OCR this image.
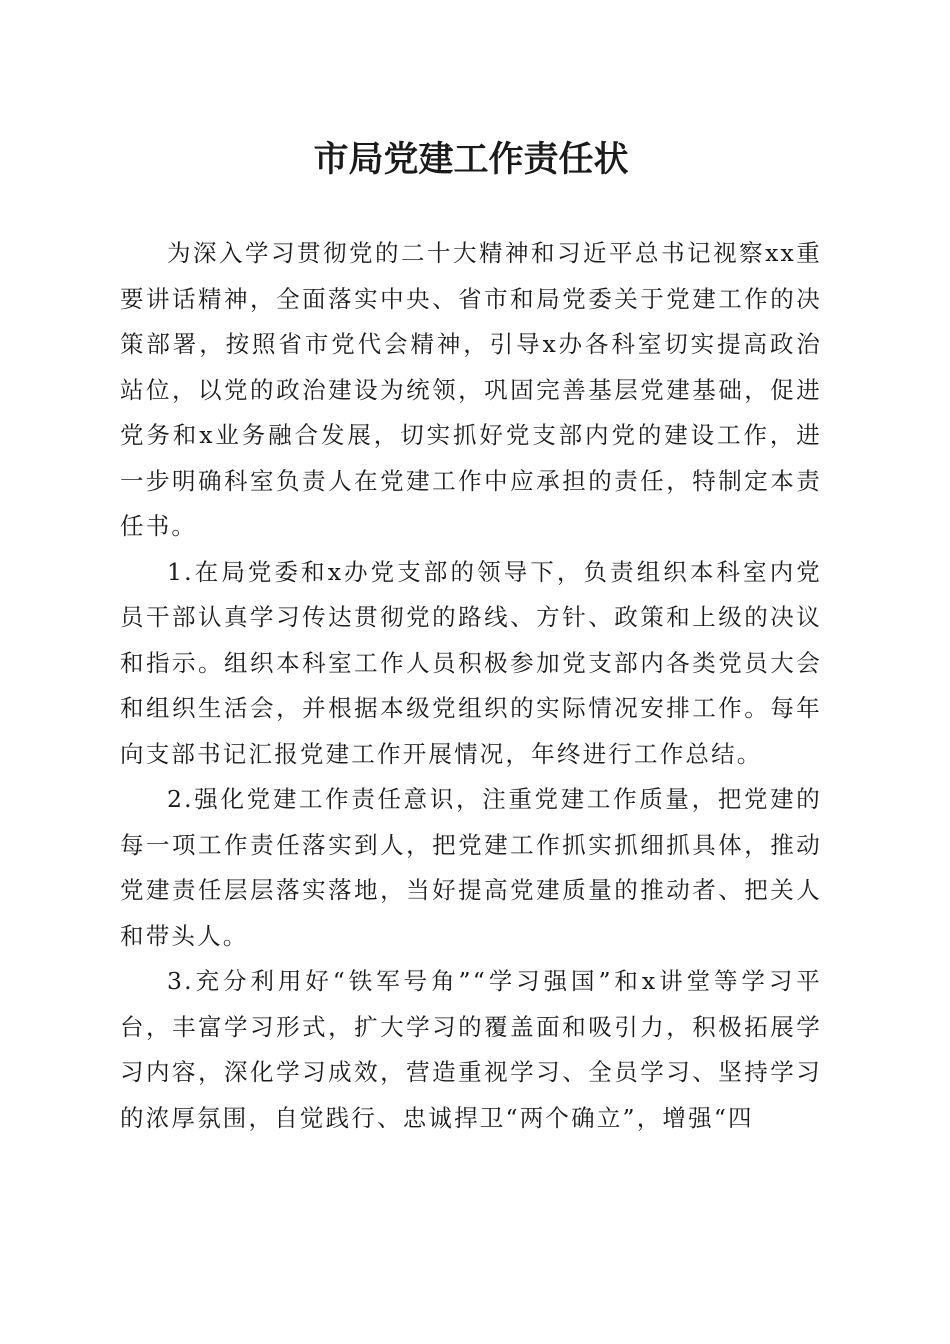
市局党建工作责任状

为深入学习贯彻党的二十大精神和习近平总书记视察xx重要讲话精神，全面落实中央、省市和局党委关于党建工作的决策部署，按照省市党代会精神，引导x办各科室切实提高政治站位，以党的政治建设为统领，巩固完善基层党建基础，促进党务和x业务融合发展，切实抓好党支部内党的建设工作，进一步明确科室负责人在党建工作中应承担的责任，特制定本责任书。

1.在局党委和x办党支部的领导下，负责组织本科室内党员干部认真学习传达贯彻党的路线、方针、政策和上级的决议和指示。组织本科室工作人员积极参加党支部内各类党员大会和组织生活会，并根据本级党组织的实际情况安排工作。每年向支部书记汇报党建工作开展情况，年终进行工作总结。

2.强化党建工作责任意识，注重党建工作质量，把党建的每一项工作责任落实到人，把党建工作抓实抓细抓具体，推动党建责任层层落实落地，当好提高党建质量的推动者、把关人和带头人。

3.充分利用好“铁军号角”“学习强国”和x讲堂等学习平台，丰富学习形式，扩大学习的覆盖面和吸引力，积极拓展学习内容，深化学习成效，营造重视学习、全员学习、坚持学习的浓厚氛围，自觉践行、忠诚捍卫“两个确立”，增强“四
